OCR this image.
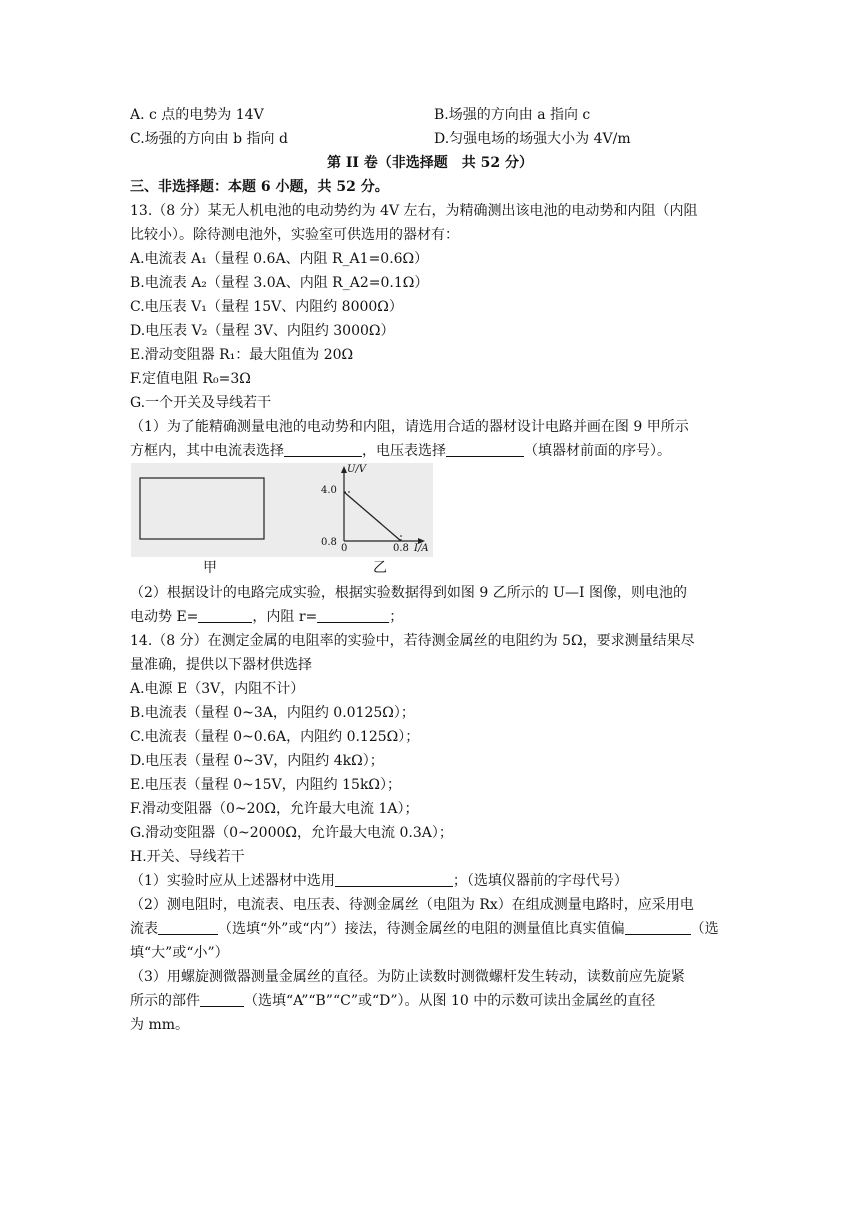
A. c 点的电势为 14V	B.场强的方向由 a 指向 c
C.场强的方向由 b 指向 d	D.匀强电场的场强大小为 4V/m
第 II 卷（非选择题　共 52 分）
三、非选择题：本题 6 小题，共 52 分。
13.（8 分）某无人机电池的电动势约为 4V 左右，为精确测出该电池的电动势和内阻（内阻
比较小）。除待测电池外，实验室可供选用的器材有：
A.电流表 A₁（量程 0.6A、内阻 R_A1=0.6Ω）
B.电流表 A₂（量程 3.0A、内阻 R_A2=0.1Ω）
C.电压表 V₁（量程 15V、内阻约 8000Ω）
D.电压表 V₂（量程 3V、内阻约 3000Ω）
E.滑动变阻器 R₁：最大阻值为 20Ω
F.定值电阻 R₀=3Ω
G.一个开关及导线若干
（1）为了能精确测量电池的电动势和内阻，请选用合适的器材设计电路并画在图 9 甲所示
方框内，其中电流表选择	，电压表选择	（填器材前面的序号）。
U/V
4.0
0.8
0	0.8 I/A
甲	乙
（2）根据设计的电路完成实验，根据实验数据得到如图 9 乙所示的 U—I 图像，则电池的
电动势 E=	，内阻 r=	；
14.（8 分）在测定金属的电阻率的实验中，若待测金属丝的电阻约为 5Ω，要求测量结果尽
量准确，提供以下器材供选择
A.电源 E（3V，内阻不计）
B.电流表（量程 0~3A，内阻约 0.0125Ω）；
C.电流表（量程 0~0.6A，内阻约 0.125Ω）；
D.电压表（量程 0~3V，内阻约 4kΩ）；
E.电压表（量程 0~15V，内阻约 15kΩ）；
F.滑动变阻器（0~20Ω，允许最大电流 1A）；
G.滑动变阻器（0~2000Ω，允许最大电流 0.3A）；
H.开关、导线若干
（1）实验时应从上述器材中选用	；（选填仪器前的字母代号）
（2）测电阻时，电流表、电压表、待测金属丝（电阻为 Rx）在组成测量电路时，应采用电
流表	（选填“外”或“内”）接法，待测金属丝的电阻的测量值比真实值偏	（选
填“大”或“小”）
（3）用螺旋测微器测量金属丝的直径。为防止读数时测微螺杆发生转动，读数前应先旋紧
所示的部件	（选填“A”“B”“C”或“D”）。从图 10 中的示数可读出金属丝的直径
为 mm。
